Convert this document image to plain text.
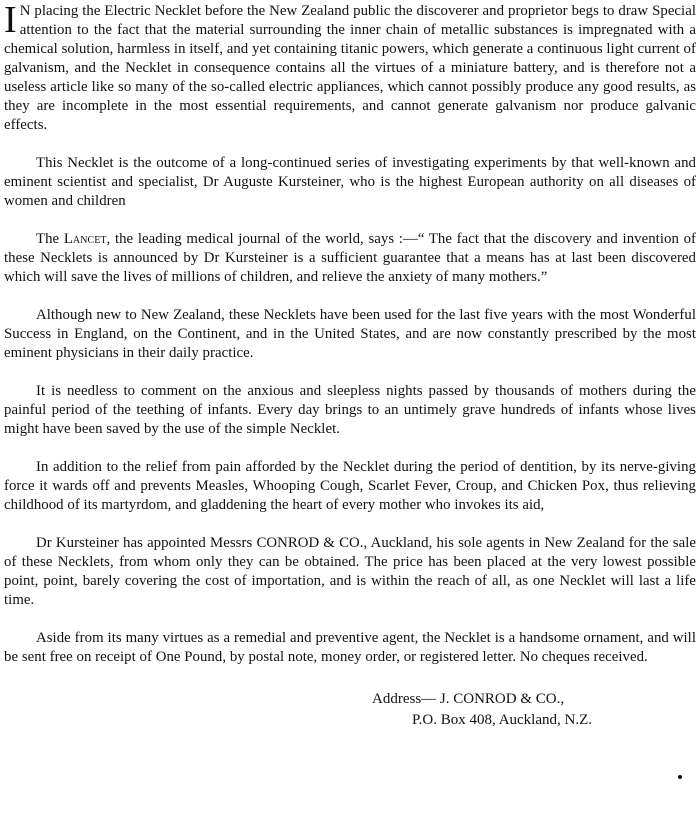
I N placing the Electric Necklet before the New Zealand public the discoverer and proprietor begs to draw Special attention to the fact that the material surrounding the inner chain of metallic substances is impregnated with a chemical solution, harmless in itself, and yet containing titanic powers, which generate a continuous light current of galvanism, and the Necklet in consequence contains all the virtues of a miniature battery, and is therefore not a useless article like so many of the so-called electric appliances, which cannot possibly produce any good results, as they are incomplete in the most essential requirements, and cannot generate galvanism nor produce galvanic effects.

This Necklet is the outcome of a long-continued series of investigating experiments by that well-known and eminent scientist and specialist, Dr Auguste Kursteiner, who is the highest European authority on all diseases of women and children

The Lancet, the leading medical journal of the world, says :—“ The fact that the discovery and invention of these Necklets is announced by Dr Kursteiner is a sufficient guarantee that a means has at last been discovered which will save the lives of millions of children, and relieve the anxiety of many mothers.”

Although new to New Zealand, these Necklets have been used for the last five years with the most Wonderful Success in England, on the Continent, and in the United States, and are now constantly prescribed by the most eminent physicians in their daily practice.

It is needless to comment on the anxious and sleepless nights passed by thousands of mothers during the painful period of the teething of infants. Every day brings to an untimely grave hundreds of infants whose lives might have been saved by the use of the simple Necklet.

In addition to the relief from pain afforded by the Necklet during the period of dentition, by its nerve-giving force it wards off and prevents Measles, Whooping Cough, Scarlet Fever, Croup, and Chicken Pox, thus relieving childhood of its martyrdom, and gladdening the heart of every mother who invokes its aid,

Dr Kursteiner has appointed Messrs CONROD & CO., Auckland, his sole agents in New Zealand for the sale of these Necklets, from whom only they can be obtained. The price has been placed at the very lowest possible point, point, barely covering the cost of importation, and is within the reach of all, as one Necklet will last a life time.

Aside from its many virtues as a remedial and preventive agent, the Necklet is a handsome ornament, and will be sent free on receipt of One Pound, by postal note, money order, or registered letter. No cheques received.

Address— J. CONROD & CO.,
P.O. Box 408, Auckland, N.Z.
